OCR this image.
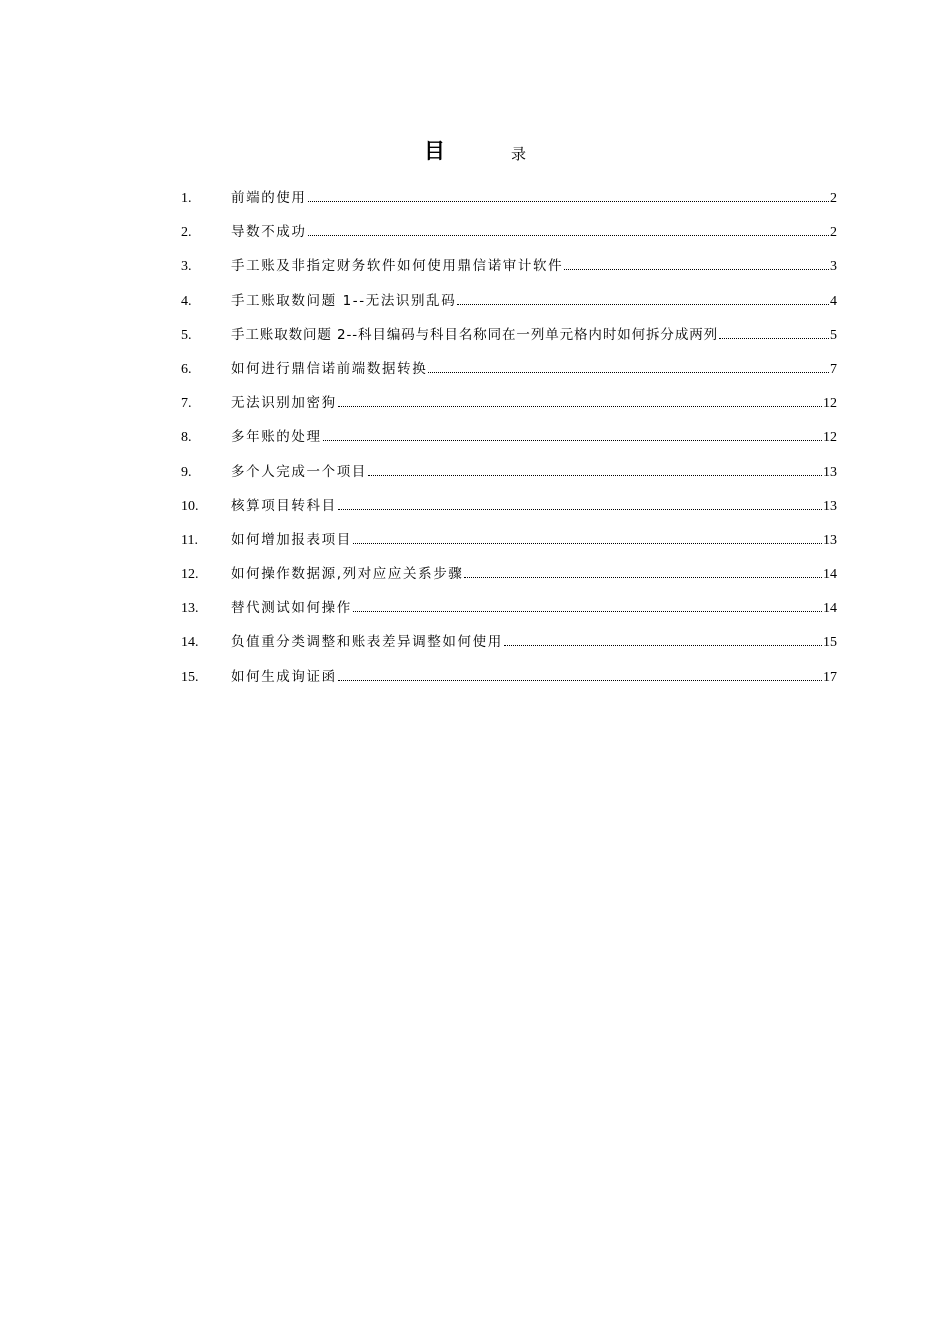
目	录
1.	前端的使用	2
2.	导数不成功	2
3.	手工账及非指定财务软件如何使用鼎信诺审计软件	3
4.	手工账取数问题 1--无法识别乱码	4
5.	手工账取数问题 2--科目编码与科目名称同在一列单元格内时如何拆分成两列	5
6.	如何进行鼎信诺前端数据转换	7
7.	无法识别加密狗	12
8.	多年账的处理	12
9.	多个人完成一个项目	13
10.	核算项目转科目	13
11.	如何增加报表项目	13
12.	如何操作数据源,列对应应关系步骤	14
13.	替代测试如何操作	14
14.	负值重分类调整和账表差异调整如何使用	15
15.	如何生成询证函	17
